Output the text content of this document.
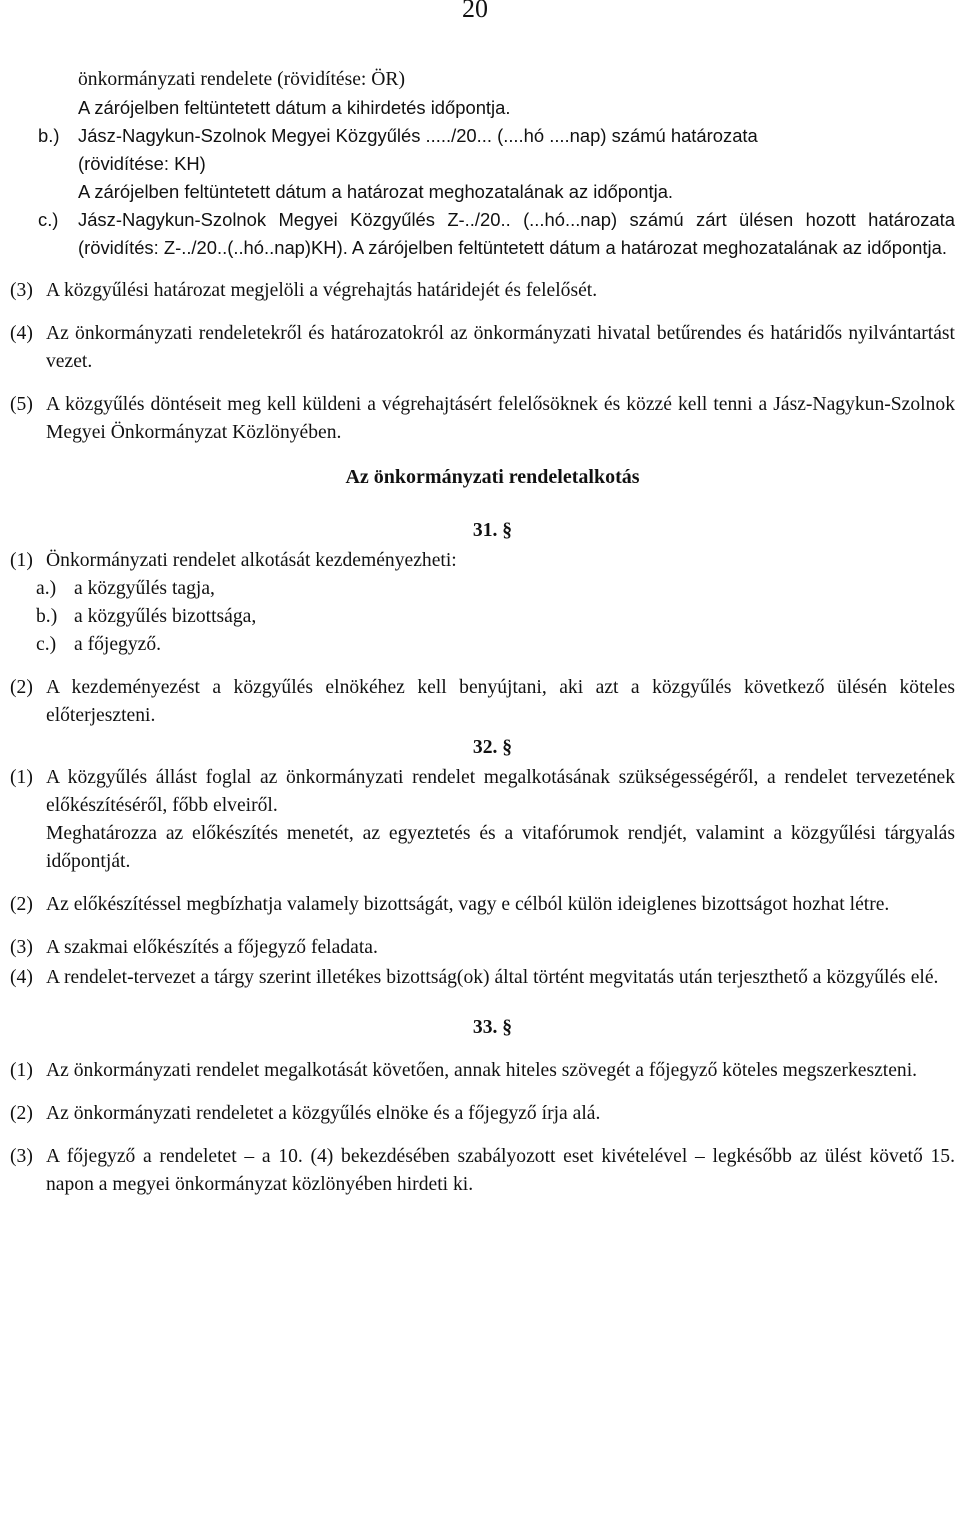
20
önkormányzati rendelete (rövidítése: ÖR)
A zárójelben feltüntetett dátum a kihirdetés időpontja.
b.)	Jász-Nagykun-Szolnok Megyei Közgyűlés ...../20... (....hó ....nap) számú határozata
(rövidítése: KH)
A zárójelben feltüntetett dátum a határozat meghozatalának az időpontja.
c.)	Jász-Nagykun-Szolnok Megyei Közgyűlés Z-../20.. (...hó...nap) számú zárt ülésen hozott határozata (rövidítés: Z-../20..(..hó..nap)KH). A zárójelben feltüntetett dátum a határozat meghozatalának az időpontja.
(3) A közgyűlési határozat megjelöli a végrehajtás határidejét és felelősét.
(4) Az önkormányzati rendeletekről és határozatokról az önkormányzati hivatal betűrendes és határidős nyilvántartást vezet.
(5) A közgyűlés döntéseit meg kell küldeni a végrehajtásért felelősöknek és közzé kell tenni a Jász-Nagykun-Szolnok Megyei Önkormányzat Közlönyében.
Az önkormányzati rendeletalkotás
31. §
(1) Önkormányzati rendelet alkotását kezdeményezheti:
a.) a közgyűlés tagja,
b.) a közgyűlés bizottsága,
c.) a főjegyző.
(2) A kezdeményezést a közgyűlés elnökéhez kell benyújtani, aki azt a közgyűlés következő ülésén köteles előterjeszteni.
32. §
(1) A közgyűlés állást foglal az önkormányzati rendelet megalkotásának szükségességéről, a rendelet tervezetének előkészítéséről, főbb elveiről.
Meghatározza az előkészítés menetét, az egyeztetés és a vitafórumok rendjét, valamint a közgyűlési tárgyalás időpontját.
(2) Az előkészítéssel megbízhatja valamely bizottságát, vagy e célból külön ideiglenes bizottságot hozhat létre.
(3) A szakmai előkészítés a főjegyző feladata.
(4) A rendelet-tervezet a tárgy szerint illetékes bizottság(ok) által történt megvitatás után terjeszthető a közgyűlés elé.
33. §
(1) Az önkormányzati rendelet megalkotását követően, annak hiteles szövegét a főjegyző köteles megszerkeszteni.
(2) Az önkormányzati rendeletet a közgyűlés elnöke és a főjegyző írja alá.
(3) A főjegyző a rendeletet – a 10. (4) bekezdésében szabályozott eset kivételével – legkésőbb az ülést követő 15. napon a megyei önkormányzat közlönyében hirdeti ki.
